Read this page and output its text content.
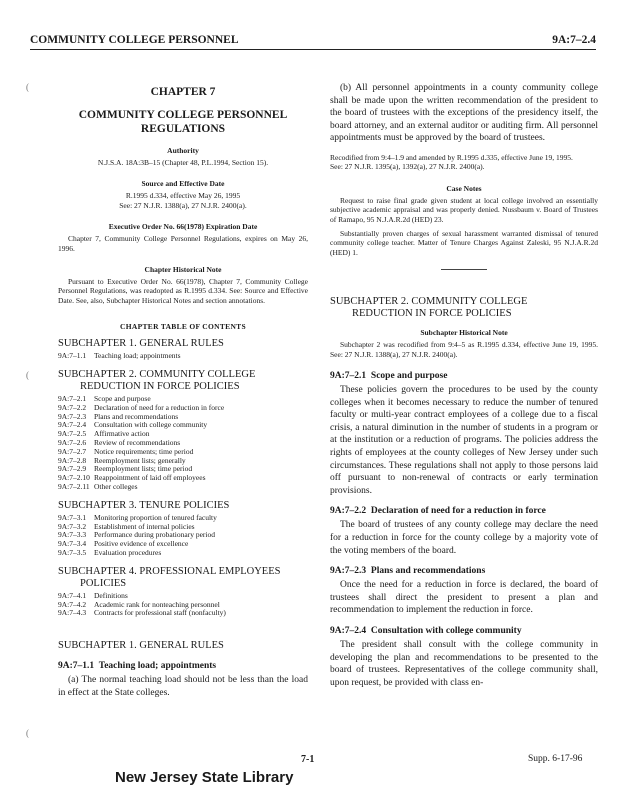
COMMUNITY COLLEGE PERSONNEL	9A:7–2.4
(
(
(
CHAPTER 7
COMMUNITY COLLEGE PERSONNEL
REGULATIONS
Authority
N.J.S.A. 18A:3B–15 (Chapter 48, P.L.1994, Section 15).
Source and Effective Date
R.1995 d.334, effective May 26, 1995
See: 27 N.J.R. 1388(a), 27 N.J.R. 2400(a).
Executive Order No. 66(1978) Expiration Date
Chapter 7, Community College Personnel Regulations, expires on May 26, 1996.
Chapter Historical Note
Pursuant to Executive Order No. 66(1978), Chapter 7, Community College Personnel Regulations, was readopted as R.1995 d.334. See: Source and Effective Date. See, also, Subchapter Historical Notes and section annotations.
CHAPTER TABLE OF CONTENTS
SUBCHAPTER 1. GENERAL RULES
9A:7–1.1	Teaching load; appointments
SUBCHAPTER 2. COMMUNITY COLLEGE
REDUCTION IN FORCE POLICIES
9A:7–2.1	Scope and purpose
9A:7–2.2	Declaration of need for a reduction in force
9A:7–2.3	Plans and recommendations
9A:7–2.4	Consultation with college community
9A:7–2.5	Affirmative action
9A:7–2.6	Review of recommendations
9A:7–2.7	Notice requirements; time period
9A:7–2.8	Reemployment lists; generally
9A:7–2.9	Reemployment lists; time period
9A:7–2.10 Reappointment of laid off employees
9A:7–2.11 Other colleges
SUBCHAPTER 3. TENURE POLICIES
9A:7–3.1	Monitoring proportion of tenured faculty
9A:7–3.2	Establishment of internal policies
9A:7–3.3	Performance during probationary period
9A:7–3.4	Positive evidence of excellence
9A:7–3.5	Evaluation procedures
SUBCHAPTER 4. PROFESSIONAL EMPLOYEES
POLICIES
9A:7–4.1	Definitions
9A:7–4.2	Academic rank for nonteaching personnel
9A:7–4.3	Contracts for professional staff (nonfaculty)
SUBCHAPTER 1. GENERAL RULES
9A:7–1.1 Teaching load; appointments
(a) The normal teaching load should not be less than the load in effect at the State colleges.
(b) All personnel appointments in a county community college shall be made upon the written recommendation of the president to the board of trustees with the exceptions of the presidency itself, the board attorney, and an external auditor or auditing firm. All personnel appointments must be approved by the board of trustees.
Recodified from 9:4–1.9 and amended by R.1995 d.335, effective June 19, 1995.
See: 27 N.J.R. 1395(a), 1392(a), 27 N.J.R. 2400(a).
Case Notes
Request to raise final grade given student at local college involved an essentially subjective academic appraisal and was properly denied. Nussbaum v. Board of Trustees of Ramapo, 95 N.J.A.R.2d (HED) 23.
Substantially proven charges of sexual harassment warranted dismissal of tenured community college teacher. Matter of Tenure Charges Against Zaleski, 95 N.J.A.R.2d (HED) 1.
SUBCHAPTER 2. COMMUNITY COLLEGE
REDUCTION IN FORCE POLICIES
Subchapter Historical Note
Subchapter 2 was recodified from 9:4–5 as R.1995 d.334, effective June 19, 1995. See: 27 N.J.R. 1388(a), 27 N.J.R. 2400(a).
9A:7–2.1 Scope and purpose
These policies govern the procedures to be used by the county colleges when it becomes necessary to reduce the number of tenured faculty or multi-year contract employees of a college due to a fiscal crisis, a natural diminution in the number of students in a program or at the institution or a reduction of programs. The policies address the rights of employees at the county colleges of New Jersey under such circumstances. These regulations shall not apply to those persons laid off pursuant to non-renewal of contracts or early termination provisions.
9A:7–2.2 Declaration of need for a reduction in force
The board of trustees of any county college may declare the need for a reduction in force for the county college by a majority vote of the voting members of the board.
9A:7–2.3 Plans and recommendations
Once the need for a reduction in force is declared, the board of trustees shall direct the president to present a plan and recommendation to implement the reduction in force.
9A:7–2.4 Consultation with college community
The president shall consult with the college community in developing the plan and recommendations to be presented to the board of trustees. Representatives of the college community shall, upon request, be provided with class en-
New Jersey State Library
7-1	Supp. 6-17-96
